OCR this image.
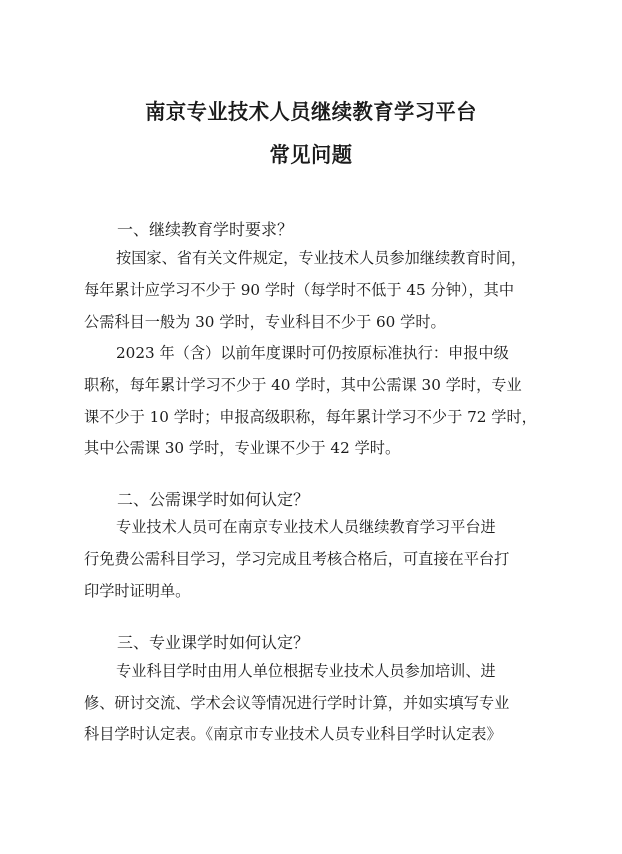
南京专业技术人员继续教育学习平台
常见问题
一、继续教育学时要求？
按国家、省有关文件规定，专业技术人员参加继续教育时间，
每年累计应学习不少于 90 学时（每学时不低于 45 分钟），其中
公需科目一般为 30 学时，专业科目不少于 60 学时。
2023 年（含）以前年度课时可仍按原标准执行：申报中级
职称，每年累计学习不少于 40 学时，其中公需课 30 学时，专业
课不少于 10 学时；申报高级职称，每年累计学习不少于 72 学时，
其中公需课 30 学时，专业课不少于 42 学时。
二、公需课学时如何认定？
专业技术人员可在南京专业技术人员继续教育学习平台进
行免费公需科目学习，学习完成且考核合格后，可直接在平台打
印学时证明单。
三、专业课学时如何认定？
专业科目学时由用人单位根据专业技术人员参加培训、进
修、研讨交流、学术会议等情况进行学时计算，并如实填写专业
科目学时认定表。《南京市专业技术人员专业科目学时认定表》
